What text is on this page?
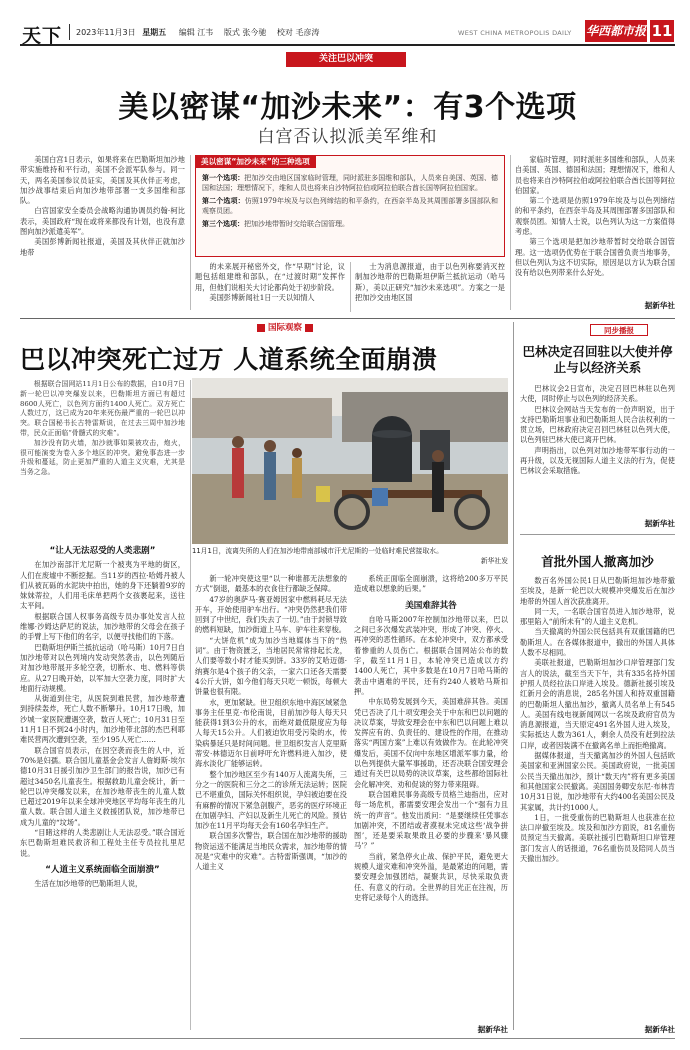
天下 2023年11月3日 星期五 编辑 江韦 版式 张今驰 校对 毛彦涛	WEST CHINA METROPOLIS DAILY 华西都市报 11
关注巴以冲突
美以密谋“加沙未来”：有3个选项
白宫否认拟派美军维和

美国白宫1日表示，如果将来在巴勒斯坦加沙地带实施维持和平行动，美国不会派军队参与。同一天，两名美国参议员证实，美国及其伙伴正考虑，加沙战事结束后向加沙地带部署一支多国维和部队。

白宫国家安全委员会战略沟通协调员约翰·柯比表示，美国政府“现在或将来都没有计划，也没有意图向加沙派遣美军”。

美国彭博新闻社报道，美国及其伙伴正就加沙地带

美以密谋“加沙未来”的三种选项
第一个选项：把加沙交由地区国家临时管理，同时派驻多国维和部队，人员来自美国、英国、德国和法国；理想情况下，维和人员也将来自沙特阿拉伯或阿拉伯联合酋长国等阿拉伯国家。
第二个选项：仿照1979年埃及与以色列缔结的和平条约，在西奈半岛及其周围部署多国部队和观察员团。
第三个选项：把加沙地带暂时交给联合国管理。

的未来展开秘密外交，作“早期”讨论，议题包括组建维和部队，在“过渡时期”发挥作用，但他们说相关大讨论都尚处于初步阶段。

美国彭博新闻社1日一天以知情人

士为消息源报道，由于以色列称要消灭控制加沙地带的巴勒斯坦伊斯兰抵抗运动（哈马斯），美以正研究“加沙未来选项”。方案之一是把加沙交由地区国

家临时管理，同时派驻多国维和部队，人员来自美国、英国、德国和法国；理想情况下，维和人员也将来自沙特阿拉伯或阿拉伯联合酋长国等阿拉伯国家。

第二个选项是仿照1979年埃及与以色列缔结的和平条约，在西奈半岛及其周围部署多国部队和观察员团。知情人士说，以色列认为这一方案值得考虑。

第三个选项是把加沙地带暂时交给联合国管理。这一选项仍优势在于联合国曾负责当地事务，但以色列认为这不切实际，原因是以方认为联合国没有给以色列带来什么好处。

据新华社
国际观察
巴以冲突死亡过万 人道系统全面崩溃

根据联合国网站11月1日公布的数据，自10月7日新一轮巴以冲突爆发以来，巴勒斯坦方面已有超过8600人死亡，以色列方面约1400人死亡。双方死亡人数过万，这已成为20年来死伤最严重的一轮巴以冲突。联合国秘书长古特雷斯说，在过去三周中加沙地带，民众正面临“骨髓式的灾难”。

加沙没有防火墙，加沙就事如果被攻击，炮火，很可能演变为卷入多个地区的冲突。避免事态进一步升级和蔓延，防止更加严重的人道主义灾难，尤其是当务之急。

11月1日，流离失所的人们在加沙地带南部城市汗尤尼斯的一处临时难民营接取水。
新华社发

“让人无法忍受的人类悲剧”

在加沙南部汗尤尼斯一个被夷为平地的街区，人们在废墟中不断挖掘。当11岁的西拉·哈姆丹被人们从被瓦砾的水泥块中拍出，她的身下还躺着9岁的妹妹蒂拉，人们用毛床单把两个女孩裹起来，送往太平间。

根据联合国人权事务高级专员办事处发言人拉维娜·沙姆达萨尼的说法，加沙地带的父母会在孩子的手臂上写下他们的名字，以便寻找他们的下落。

巴勒斯坦伊斯兰抵抗运动（哈马斯）10月7日自加沙地带对以色列境内发动突然袭击，以色列随后对加沙地带展开多轮空袭，切断水、电、燃料等供应。从27日晚开始，以军加大空袭力度，同时扩大地面行动规模。

从街道到住宅，从医院到难民营，加沙地带遭到持续轰炸，死亡人数不断攀升。10月17日晚，加沙城一家医院遭遇空袭，数百人死亡；10月31日至11月1日不到24小时内，加沙地带北部的杰巴利耶难民营两次遭到空袭，至少195人死亡……

联合国官员表示，在因空袭而丧生的人中，近70%是妇孺。联合国儿童基金会发言人詹姆斯·埃尔德10月31日援引加沙卫生部门的报告说，加沙已有超过3450名儿童丧生。根据救助儿童会统计，新一轮巴以冲突爆发以来，在加沙地带丧生的儿童人数已超过2019年以来全球冲突地区平均每年丧生的儿童人数。联合国人道主义救援团队说，加沙地带已成为儿童的“坟场”。

“目睹这样的人类悲剧让人无法忍受。”联合国近东巴勒斯坦难民救济和工程处主任专员拉扎里尼说。

“人道主义系统面临全面崩溃”

生活在加沙地带的巴勒斯坦人说，

新一轮冲突使这里“以一种谁都无法想象的方式”倒退，最基本的衣食住行都缺乏保障。

47岁的奥萨马·赛亚姆因家中燃料耗尽无法开车，开始使用驴车出行。“冲突仍然把我们带回到了中世纪，我们失去了一切。”由于封锁导致的燃料短缺，加沙街道上马车、驴车往来穿梭。

“大饼危机”成为加沙当地媒体当下的“热词”。由于物资匮乏，当地居民常常排起长龙，人们要等数小时才能买到饼。33岁的艾哈迈德·纳赛尔是4个孩子的父亲，一家六口还各天需要4公斤大饼，如今他们每天只吃一顿饭，每顿大饼量也很有限。

水，更加紧缺。世卫组织东地中海区域紧急事务主任里克·布伦南说，目前加沙每人每天只能获得1到3公升的水，而绝对最低限度应为每人每天15公升。人们被迫饮用受污染的水，传染病暴延只是时间问题。世卫组织发言人克里斯蒂安·林德迈尔日前呼吁允许燃料进入加沙，使海水淡化厂能够运转。

整个加沙地区至少有140万人流离失所，三分之一的医院和三分之二的诊所无法运转；医院已不堪重负，国际关怀组织说，孕妇被迫要在没有麻醉的情况下紧急剖腹产，恶劣的医疗环境正在加剧孕妇、产妇以及新生儿死亡的风险。预估加沙在11月平均每天会有160名孕妇生产。

联合国多次警告，联合国在加沙地带的援助物资运送不能满足当地民众需求，加沙地带的情况是“灾难中的灾难”。古特雷斯强调，“加沙的人道主义

系统正面临全面崩溃，这将给200多万平民造成难以想象的后果。”

美国难辞其咎

自哈马斯2007年控制加沙地带以来，巴以之间已多次爆发武装冲突，形成了冲突、停火、再冲突的恶性循环。在本轮冲突中，双方都承受着惨重的人员伤亡。根据联合国网站公布的数字，截至11月1日，本轮冲突已造成以方约1400人死亡，其中多数是在10月7日哈马斯的袭击中遇难的平民，还有约240人被哈马斯扣押。

中东局势发展到今天，美国难辞其咎。美国凭已否决了几十项安理会关于中东和巴以问题的决议草案，导致安理会在中东和巴以问题上难以发挥应有的、负责任的、建设性的作用，在推动落实“两国方案”上难以有效做作为。在此轮冲突爆发后，美国不仅向中东地区增派军事力量，给以色列提供大量军事援助，还否决联合国安理会通过有关巴以局势的决议草案，这些都给国际社会化解冲突、劝和促谈的努力带来阻碍。

联合国难民事务高级专员格兰迪指出，应对每一场危机，都需要安理会发出一个“强有力且统一的声音”。他发出质问：“是要继续任凭事态加剧冲突，不团结或者漠视未完成这些‘战争拼图’，还是要采取果敢且必要的步骤来‘暴风骤马’？”

当前，紧急停火止战、保护平民，避免更大规模人道灾难和冲突外溢，是最紧迫的问题，需要安理会加强团结，凝聚共识，尽快采取负责任、有意义的行动。全世界的目光正在注视，历史将记录每个人的选择。

据新华社
同步播报
巴林决定召回驻以大使并停止与以经济关系

巴林议会2日宣布，决定召回巴林驻以色列大使，同时停止与以色列的经济关系。

巴林议会网站当天发布的一份声明说，出于支持巴勒斯坦事业和巴勒斯坦人民合法权利的一贯立场，巴林政府决定召回巴林驻以色列大使，以色列驻巴林大使已离开巴林。

声明指出，以色列对加沙地带军事行动的一再升级，以及无视国际人道主义法的行为，促使巴林议会采取措施。

据新华社
首批外国人撤离加沙

数百名外国公民1日从巴勒斯坦加沙地带撤至埃及，是新一轮巴以大规模冲突爆发后在加沙地带的外国人首次获准离开。

同一天，一名联合国官员进入加沙地带，说那里陷入“前所未有”的人道主义危机。

当天撤离的外国公民包括具有双重国籍的巴勒斯坦人。在各媒体报道中，撤出的外国人具体人数不尽相同。

美联社报道，巴勒斯坦加沙口岸管理部门发言人的说法，截至当天下午，共有335名持外国护照人员经拉法口岸进入埃及。德新社援引埃及红新月会的消息说，285名外国人和持双重国籍的巴勒斯坦人撤出加沙，撤离人员名单上有545人。美国有线电视新闻网以一名埃及政府官员为消息源报道，当天原定491名外国人进入埃及，实际抵达人数为361人，剩余人员没有赶到拉法口岸，或者因装满不在撤离名单上而拒绝撤离。

据媒体报道，当天撤离加沙的外国人包括欧美国家和亚洲国家公民。美国政府说，一批美国公民当天撤出加沙，预计“数天内”将有更多美国和其他国家公民撤离。美国国务卿安东尼·布林肯10月31日说，加沙地带有大约400名美国公民及其家属，共计约1000人。

1日，一批受重伤的巴勒斯坦人也获准在拉法口岸撤至埃及。埃及和加沙方面说，81名重伤员预定当天撤离。美联社援引巴勒斯坦口岸管理部门发言人的话报道，76名重伤员及陪同人员当天撤出加沙。

据新华社
